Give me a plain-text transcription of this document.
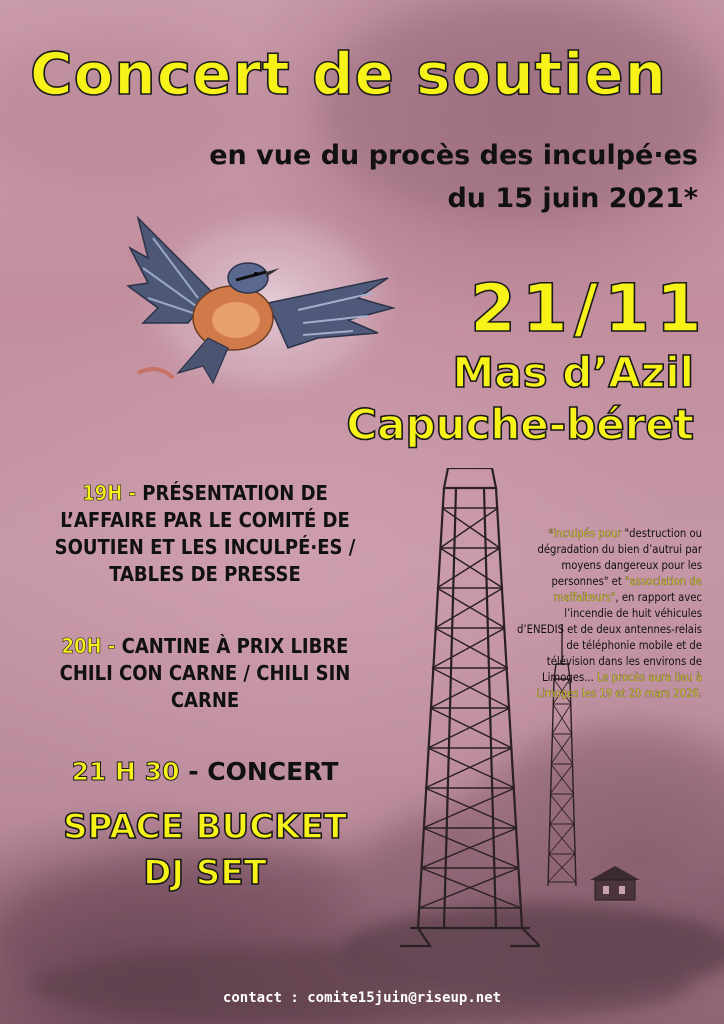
Concert de soutien
en vue du procès des inculpé·es
du 15 juin 2021*
21/11
Mas d’Azil
Capuche-béret
19H - PRÉSENTATION DE
L’AFFAIRE PAR LE COMITÉ DE
SOUTIEN ET LES INCULPÉ·ES /
TABLES DE PRESSE
20H - CANTINE À PRIX LIBRE
CHILI CON CARNE / CHILI SIN
CARNE
21 H 30 - CONCERT
SPACE BUCKET
DJ SET
*inculpés pour "destruction ou dégradation du bien d’autrui par moyens dangereux pour les personnes" et "association de malfaiteurs", en rapport avec l’incendie de huit véhicules d’ENEDIS et de deux antennes-relais de téléphonie mobile et de télévision dans les environs de Limoges... Le procès aura lieu à Limoges les 19 et 20 mars 2026.
contact : comite15juin@riseup.net
